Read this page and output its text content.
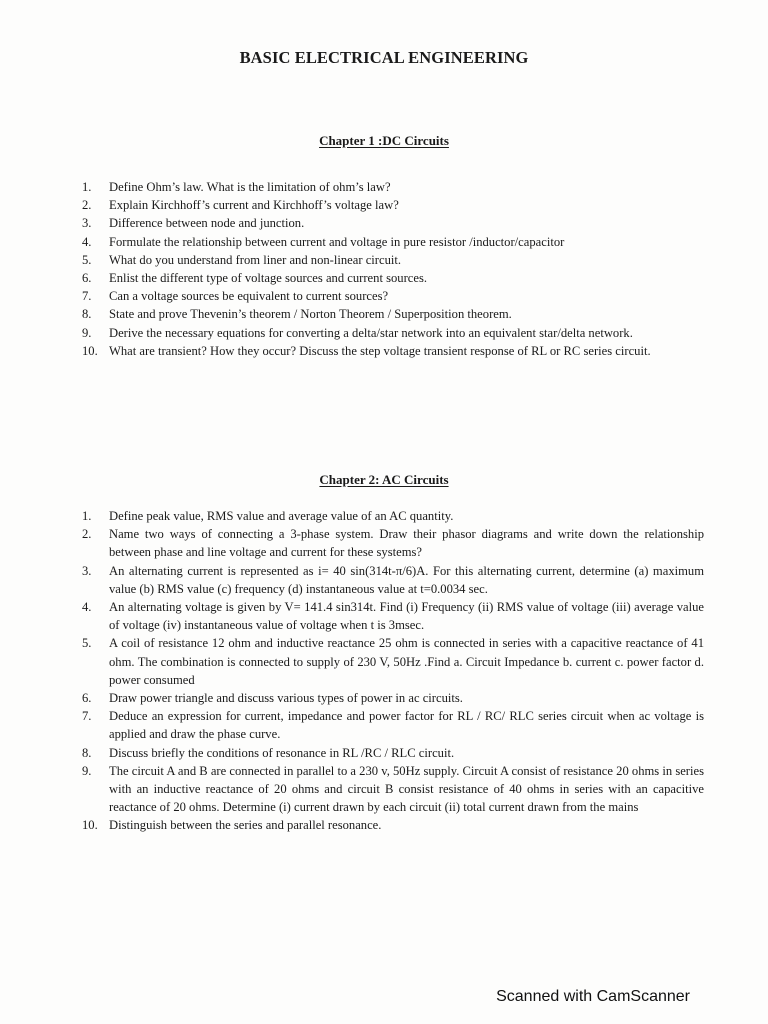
BASIC ELECTRICAL ENGINEERING
Chapter 1 :DC Circuits
1.	Define Ohm’s law. What is the limitation of ohm’s law?
2.	Explain Kirchhoff’s current and Kirchhoff’s voltage law?
3.	Difference between node and junction.
4.	Formulate the relationship between current and voltage in pure resistor /inductor/capacitor
5.	What do you understand from liner and non-linear circuit.
6.	Enlist the different type of voltage sources and current sources.
7.	Can a voltage sources be equivalent to current sources?
8.	State and prove Thevenin’s theorem / Norton Theorem / Superposition theorem.
9.	Derive the necessary equations for converting a delta/star network into an equivalent star/delta network.
10. What are transient? How they occur? Discuss the step voltage transient response of RL or RC series circuit.
Chapter 2: AC Circuits
1.	Define peak value, RMS value and average value of an AC quantity.
2.	Name two ways of connecting a 3-phase system. Draw their phasor diagrams and write down the relationship between phase and line voltage and current for these systems?
3.	An alternating current is represented as i= 40 sin(314t-π/6)A. For this alternating current, determine (a) maximum value (b) RMS value (c) frequency (d) instantaneous value at t=0.0034 sec.
4.	An alternating voltage is given by V= 141.4 sin314t. Find (i) Frequency (ii) RMS value of voltage (iii) average value of voltage (iv) instantaneous value of voltage when t is 3msec.
5.	A coil of resistance 12 ohm and inductive reactance 25 ohm is connected in series with a capacitive reactance of 41 ohm. The combination is connected to supply of 230 V, 50Hz .Find a. Circuit Impedance b. current c. power factor d. power consumed
6.	Draw power triangle and discuss various types of power in ac circuits.
7.	Deduce an expression for current, impedance and power factor for RL / RC/ RLC series circuit when ac voltage is applied and draw the phase curve.
8.	Discuss briefly the conditions of resonance in RL /RC / RLC circuit.
9.	The circuit A and B are connected in parallel to a 230 v, 50Hz supply. Circuit A consist of resistance 20 ohms in series with an inductive reactance of 20 ohms and circuit B consist resistance of 40 ohms in series with an capacitive reactance of 20 ohms. Determine (i) current drawn by each circuit (ii) total current drawn from the mains
10. Distinguish between the series and parallel resonance.
Scanned with CamScanner
